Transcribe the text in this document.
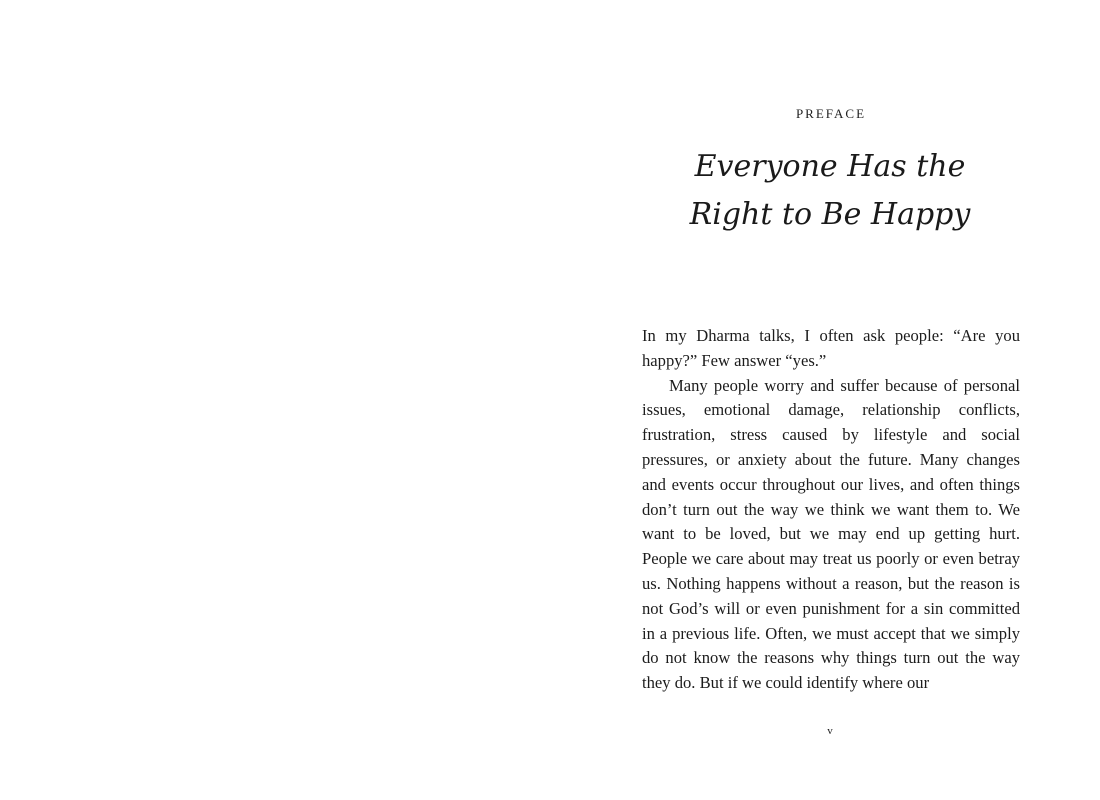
PREFACE
Everyone Has the
Right to Be Happy

In my Dharma talks, I often ask people: “Are you happy?” Few answer “yes.”

Many people worry and suffer because of personal issues, emotional damage, relationship conflicts, frustration, stress caused by lifestyle and social pressures, or anxiety about the future. Many changes and events occur throughout our lives, and often things don’t turn out the way we think we want them to. We want to be loved, but we may end up getting hurt. People we care about may treat us poorly or even betray us. Nothing happens without a reason, but the reason is not God’s will or even punishment for a sin committed in a previous life. Often, we must accept that we simply do not know the reasons why things turn out the way they do. But if we could identify where our

v
